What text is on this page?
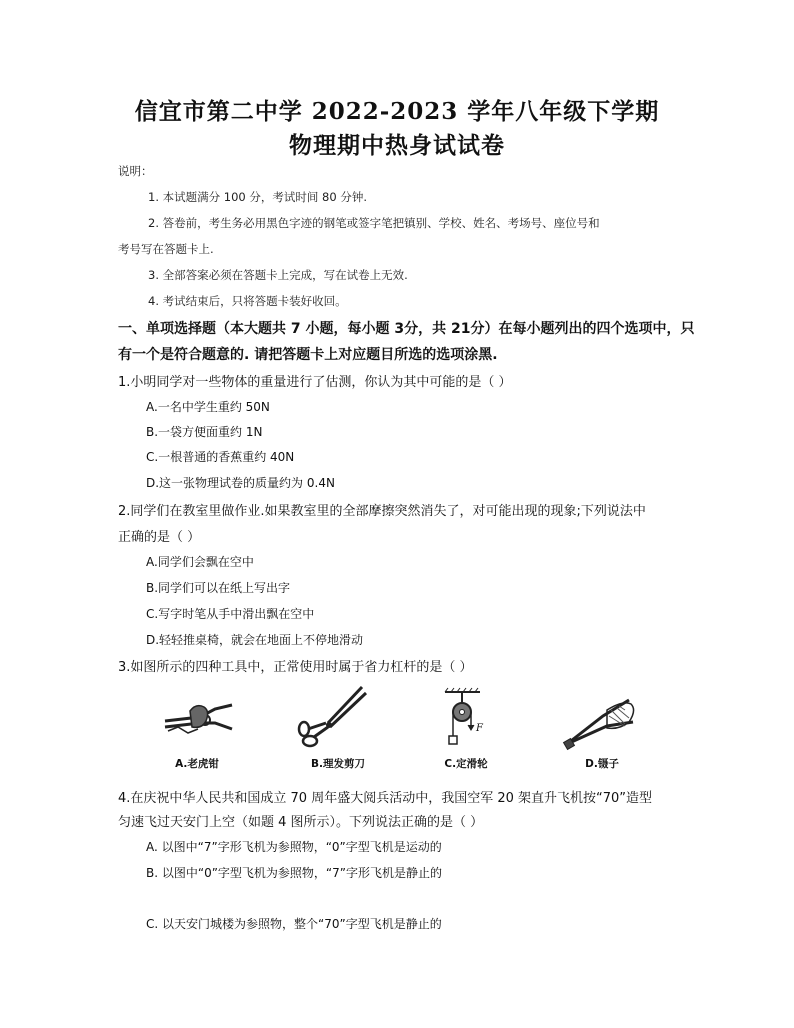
信宜市第二中学 2022-2023 学年八年级下学期
物理期中热身试试卷
说明：
1. 本试题满分 100 分，考试时间 80 分钟.
2. 答卷前，考生务必用黑色字迹的钢笔或签字笔把镇别、学校、姓名、考场号、座位号和
考号写在答题卡上.
3. 全部答案必须在答题卡上完成，写在试卷上无效.
4. 考试结束后，只将答题卡装好收回。
一、单项选择题（本大题共 7 小题，每小题 3分，共 21分）在每小题列出的四个选项中，只
有一个是符合题意的. 请把答题卡上对应题目所选的选项涂黑.
1.小明同学对一些物体的重量进行了估测，你认为其中可能的是（ ）
A.一名中学生重约 50N
B.一袋方便面重约 1N
C.一根普通的香蕉重约 40N
D.这一张物理试卷的质量约为 0.4N
2.同学们在教室里做作业.如果教室里的全部摩擦突然消失了，对可能出现的现象;下列说法中
正确的是（ ）
A.同学们会飘在空中
B.同学们可以在纸上写出字
C.写字时笔从手中滑出飘在空中
D.轻轻推桌椅，就会在地面上不停地滑动
3.如图所示的四种工具中，正常使用时属于省力杠杆的是（ ）
A.老虎钳	B.理发剪刀
F
C.定滑轮	D.镊子
4.在庆祝中华人民共和国成立 70 周年盛大阅兵活动中，我国空军 20 架直升飞机按“70”造型
匀速飞过天安门上空（如题 4 图所示）。下列说法正确的是（ ）
A. 以图中“7”字形飞机为参照物，“0”字型飞机是运动的
B. 以图中“0”字型飞机为参照物，“7”字形飞机是静止的
C. 以天安门城楼为参照物，整个“70”字型飞机是静止的
